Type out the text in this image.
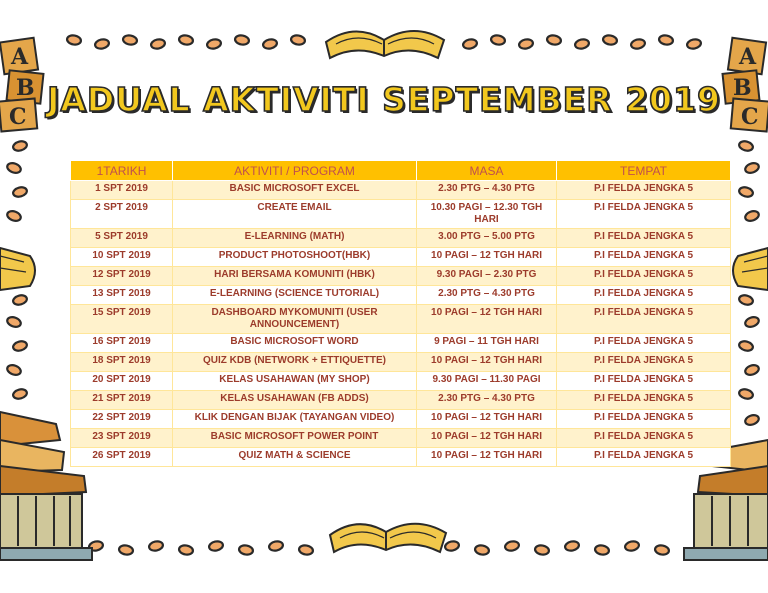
A
B
C
A
B
C
JADUAL AKTIVITI SEPTEMBER 2019
1TARIKH	AKTIVITI / PROGRAM	MASA	TEMPAT
1 SPT 2019	BASIC MICROSOFT EXCEL	2.30 PTG – 4.30 PTG	P.I FELDA JENGKA 5
2 SPT 2019	CREATE EMAIL	10.30 PAGI – 12.30 TGH HARI	P.I FELDA JENGKA 5
5 SPT 2019	E-LEARNING (MATH)	3.00 PTG – 5.00 PTG	P.I FELDA JENGKA 5
10 SPT 2019	PRODUCT PHOTOSHOOT(HBK)	10 PAGI – 12 TGH HARI	P.I FELDA JENGKA 5
12 SPT 2019	HARI BERSAMA KOMUNITI (HBK)	9.30 PAGI – 2.30 PTG	P.I FELDA JENGKA 5
13 SPT 2019	E-LEARNING (SCIENCE TUTORIAL)	2.30 PTG – 4.30 PTG	P.I FELDA JENGKA 5
15 SPT 2019	DASHBOARD MYKOMUNITI (USER ANNOUNCEMENT)	10 PAGI – 12 TGH HARI	P.I FELDA JENGKA 5
16 SPT 2019	BASIC MICROSOFT WORD	9 PAGI – 11 TGH HARI	P.I FELDA JENGKA 5
18 SPT 2019	QUIZ KDB (NETWORK + ETTIQUETTE)	10 PAGI – 12 TGH HARI	P.I FELDA JENGKA 5
20 SPT 2019	KELAS USAHAWAN (MY SHOP)	9.30 PAGI – 11.30 PAGI	P.I FELDA JENGKA 5
21 SPT 2019	KELAS USAHAWAN (FB ADDS)	2.30 PTG – 4.30 PTG	P.I FELDA JENGKA 5
22 SPT 2019	KLIK DENGAN BIJAK (TAYANGAN VIDEO)	10 PAGI – 12 TGH HARI	P.I FELDA JENGKA 5
23 SPT 2019	BASIC MICROSOFT POWER POINT	10 PAGI – 12 TGH HARI	P.I FELDA JENGKA 5
26 SPT 2019	QUIZ MATH & SCIENCE	10 PAGI – 12 TGH HARI	P.I FELDA JENGKA 5
